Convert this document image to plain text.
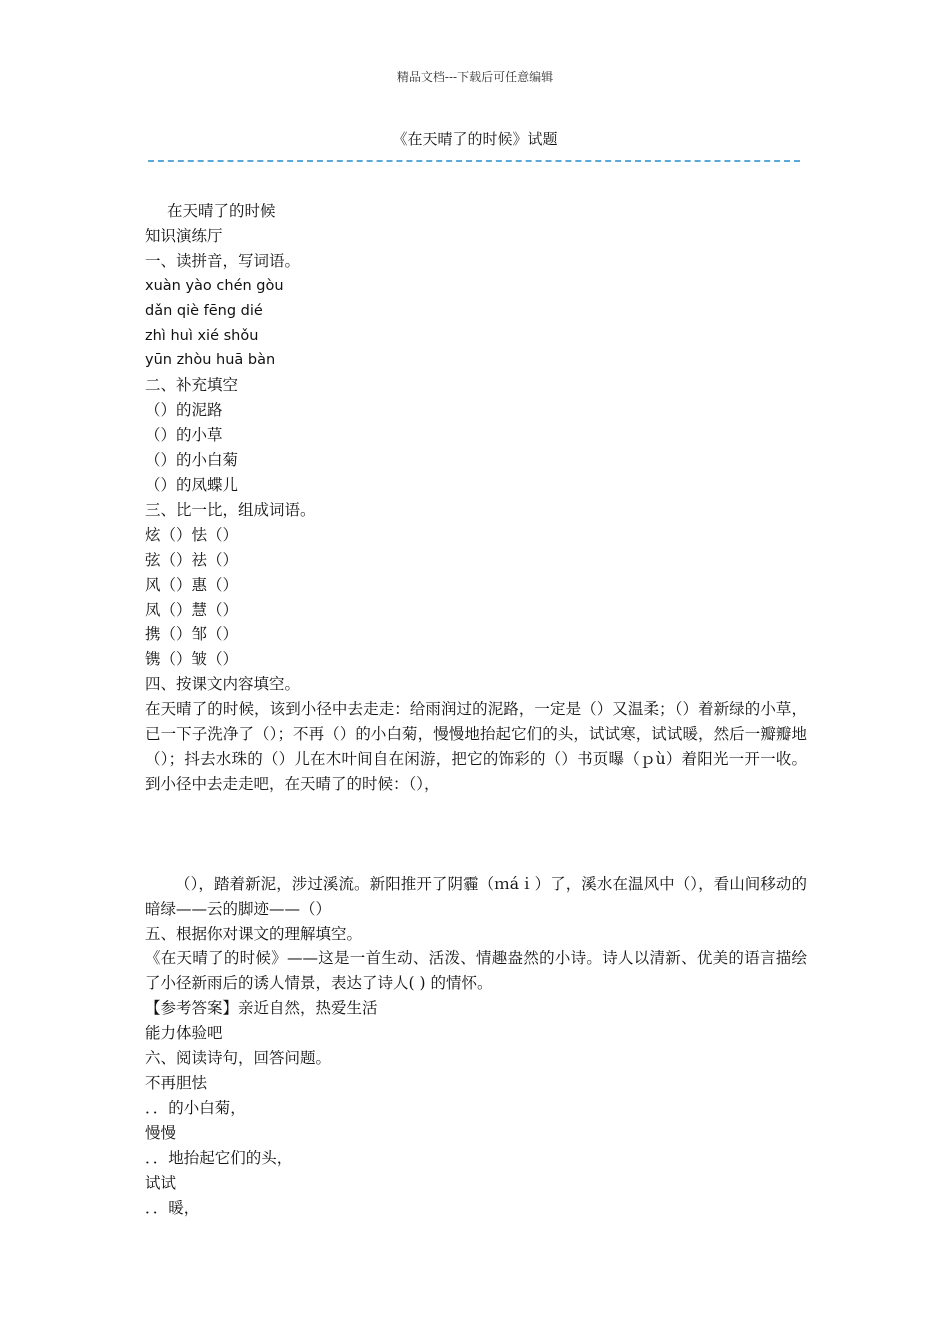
精品文档---下载后可任意编辑
《在天晴了的时候》试题
在天晴了的时候
知识演练厅
一、读拼音，写词语。
xuàn yào chén gòu
dǎn qiè fēng dié
zhì huì xié shǒu
yūn zhòu huā bàn
二、补充填空
（）的泥路
（）的小草
（）的小白菊
（）的凤蝶儿
三、比一比，组成词语。
炫（）怯（）
弦（）祛（）
风（）惠（）
凤（）慧（）
携（）邹（）
镌（）皱（）
四、按课文内容填空。
在天晴了的时候，该到小径中去走走：给雨润过的泥路，一定是（）又温柔；（）着新绿的小草，已一下子洗净了（）；不再（）的小白菊，慢慢地抬起它们的头，试试寒，试试暖，然后一瓣瓣地（）；抖去水珠的（）儿在木叶间自在闲游，把它的饰彩的（）书页曝（ｐù）着阳光一开一收。到小径中去走走吧，在天晴了的时候：（），
（），踏着新泥，涉过溪流。新阳推开了阴霾（ｍáｉ）了，溪水在温风中（），看山间移动的暗绿——云的脚迹——（）
五、根据你对课文的理解填空。
《在天晴了的时候》——这是一首生动、活泼、情趣盎然的小诗。诗人以清新、优美的语言描绘了小径新雨后的诱人情景，表达了诗人( ) 的情怀。
【参考答案】亲近自然，热爱生活
能力体验吧
六、阅读诗句，回答问题。
不再胆怯
．．的小白菊，
慢慢
．．地抬起它们的头，
试试
．．暖，
